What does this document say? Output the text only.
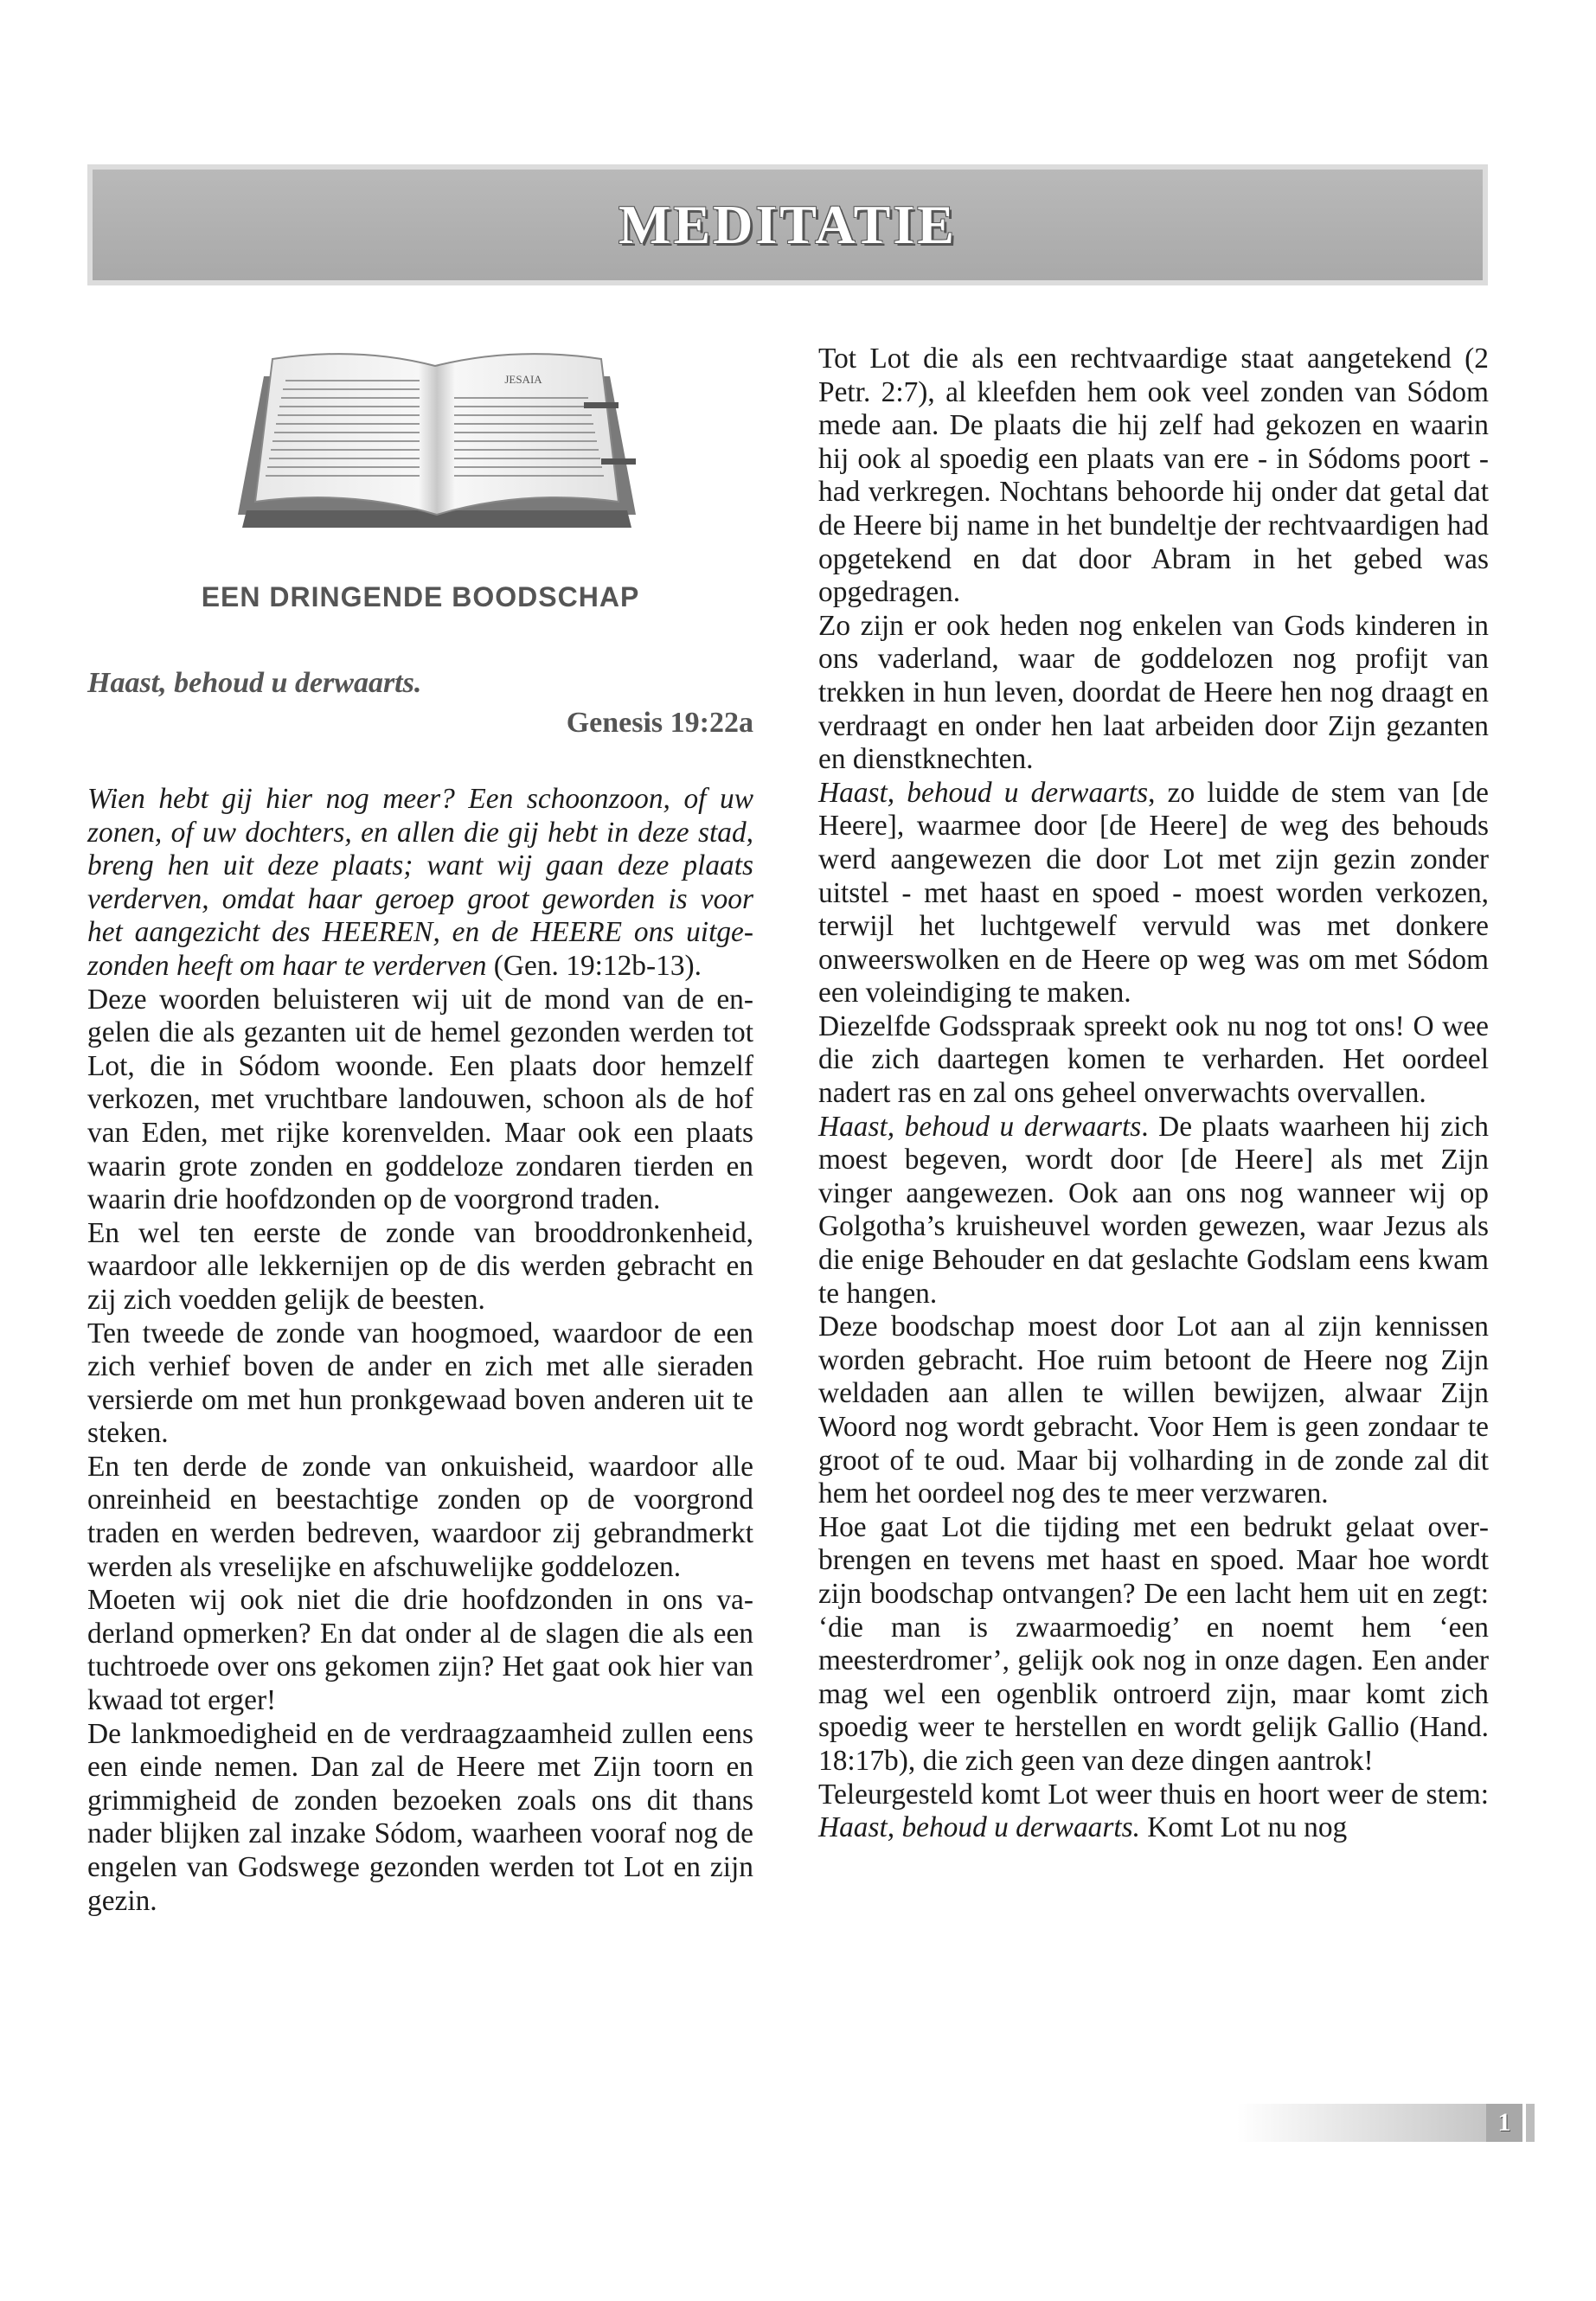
MEDITATIE
JESAIA
EEN DRINGENDE BOODSCHAP
Haast, behoud u derwaarts.
Genesis 19:22a

Wien hebt gij hier nog meer? Een schoonzoon, of uw zonen, of uw dochters, en allen die gij hebt in deze stad, breng hen uit deze plaats; want wij gaan deze plaats verderven, omdat haar geroep groot geworden is voor het aangezicht des HEEREN, en de HEERE ons uitgezonden heeft om haar te verderven (Gen. 19:12b-13).

Deze woorden beluisteren wij uit de mond van de engelen die als gezanten uit de hemel gezonden werden tot Lot, die in Sódom woonde. Een plaats door hemzelf verkozen, met vruchtbare landouwen, schoon als de hof van Eden, met rijke korenvelden. Maar ook een plaats waarin grote zonden en goddeloze zondaren tierden en waarin drie hoofdzonden op de voorgrond traden.

En wel ten eerste de zonde van brooddronkenheid, waardoor alle lekkernijen op de dis werden gebracht en zij zich voedden gelijk de beesten.

Ten tweede de zonde van hoogmoed, waardoor de een zich verhief boven de ander en zich met alle sieraden versierde om met hun pronkgewaad boven anderen uit te steken.

En ten derde de zonde van onkuisheid, waardoor alle onreinheid en beestachtige zonden op de voorgrond traden en werden bedreven, waardoor zij gebrandmerkt werden als vreselijke en afschuwelijke goddelozen.

Moeten wij ook niet die drie hoofdzonden in ons vaderland opmerken? En dat onder al de slagen die als een tuchtroede over ons gekomen zijn? Het gaat ook hier van kwaad tot erger!

De lankmoedigheid en de verdraagzaamheid zullen eens een einde nemen. Dan zal de Heere met Zijn toorn en grimmigheid de zonden bezoeken zoals ons dit thans nader blijken zal inzake Sódom, waarheen vooraf nog de engelen van Godswege gezonden werden tot Lot en zijn gezin.

Tot Lot die als een rechtvaardige staat aangetekend (2 Petr. 2:7), al kleefden hem ook veel zonden van Sódom mede aan. De plaats die hij zelf had gekozen en waarin hij ook al spoedig een plaats van ere - in Sódoms poort - had verkregen. Nochtans behoorde hij onder dat getal dat de Heere bij name in het bundeltje der rechtvaardigen had opgetekend en dat door Abram in het gebed was opgedragen.

Zo zijn er ook heden nog enkelen van Gods kinderen in ons vaderland, waar de goddelozen nog profijt van trekken in hun leven, doordat de Heere hen nog draagt en verdraagt en onder hen laat arbeiden door Zijn gezanten en dienstknechten.

Haast, behoud u derwaarts, zo luidde de stem van [de Heere], waarmee door [de Heere] de weg des behouds werd aangewezen die door Lot met zijn gezin zonder uitstel - met haast en spoed - moest worden verkozen, terwijl het luchtgewelf vervuld was met donkere onweerswolken en de Heere op weg was om met Sódom een voleindiging te maken.

Diezelfde Godsspraak spreekt ook nu nog tot ons! O wee die zich daartegen komen te verharden. Het oordeel nadert ras en zal ons geheel onverwachts overvallen.

Haast, behoud u derwaarts. De plaats waarheen hij zich moest begeven, wordt door [de Heere] als met Zijn vinger aangewezen. Ook aan ons nog wanneer wij op Golgotha’s kruisheuvel worden gewezen, waar Jezus als die enige Behouder en dat geslachte Godslam eens kwam te hangen.

Deze boodschap moest door Lot aan al zijn kennissen worden gebracht. Hoe ruim betoont de Heere nog Zijn weldaden aan allen te willen bewijzen, alwaar Zijn Woord nog wordt gebracht. Voor Hem is geen zondaar te groot of te oud. Maar bij volharding in de zonde zal dit hem het oordeel nog des te meer verzwaren.

Hoe gaat Lot die tijding met een bedrukt gelaat overbrengen en tevens met haast en spoed. Maar hoe wordt zijn boodschap ontvangen? De een lacht hem uit en zegt: ‘die man is zwaarmoedig’ en noemt hem ‘een meesterdromer’, gelijk ook nog in onze dagen. Een ander mag wel een ogenblik ontroerd zijn, maar komt zich spoedig weer te herstellen en wordt gelijk Gallio (Hand. 18:17b), die zich geen van deze dingen aantrok!

Teleurgesteld komt Lot weer thuis en hoort weer de stem: Haast, behoud u derwaarts. Komt Lot nu nog

1
